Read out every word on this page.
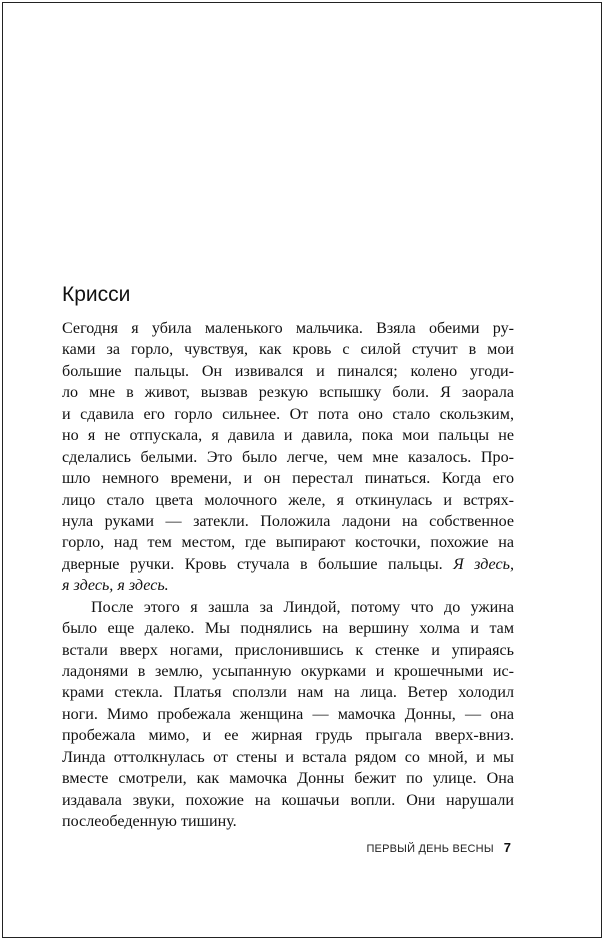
Крисси
Сегодня я убила маленького мальчика. Взяла обеими ру-
ками за горло, чувствуя, как кровь с силой стучит в мои
большие пальцы. Он извивался и пинался; колено угоди-
ло мне в живот, вызвав резкую вспышку боли. Я заорала
и сдавила его горло сильнее. От пота оно стало скользким,
но я не отпускала, я давила и давила, пока мои пальцы не
сделались белыми. Это было легче, чем мне казалось. Про-
шло немного времени, и он перестал пинаться. Когда его
лицо стало цвета молочного желе, я откинулась и встрях-
нула руками — затекли. Положила ладони на собственное
горло, над тем местом, где выпирают косточки, похожие на
дверные ручки. Кровь стучала в большие пальцы. Я здесь,
я здесь, я здесь.
После этого я зашла за Линдой, потому что до ужина
было еще далеко. Мы поднялись на вершину холма и там
встали вверх ногами, прислонившись к стенке и упираясь
ладонями в землю, усыпанную окурками и крошечными ис-
крами стекла. Платья сползли нам на лица. Ветер холодил
ноги. Мимо пробежала женщина — мамочка Донны, — она
пробежала мимо, и ее жирная грудь прыгала вверх-вниз.
Линда оттолкнулась от стены и встала рядом со мной, и мы
вместе смотрели, как мамочка Донны бежит по улице. Она
издавала звуки, похожие на кошачьи вопли. Они нарушали
послеобеденную тишину.
ПЕРВЫЙ ДЕНЬ ВЕСНЫ 7
